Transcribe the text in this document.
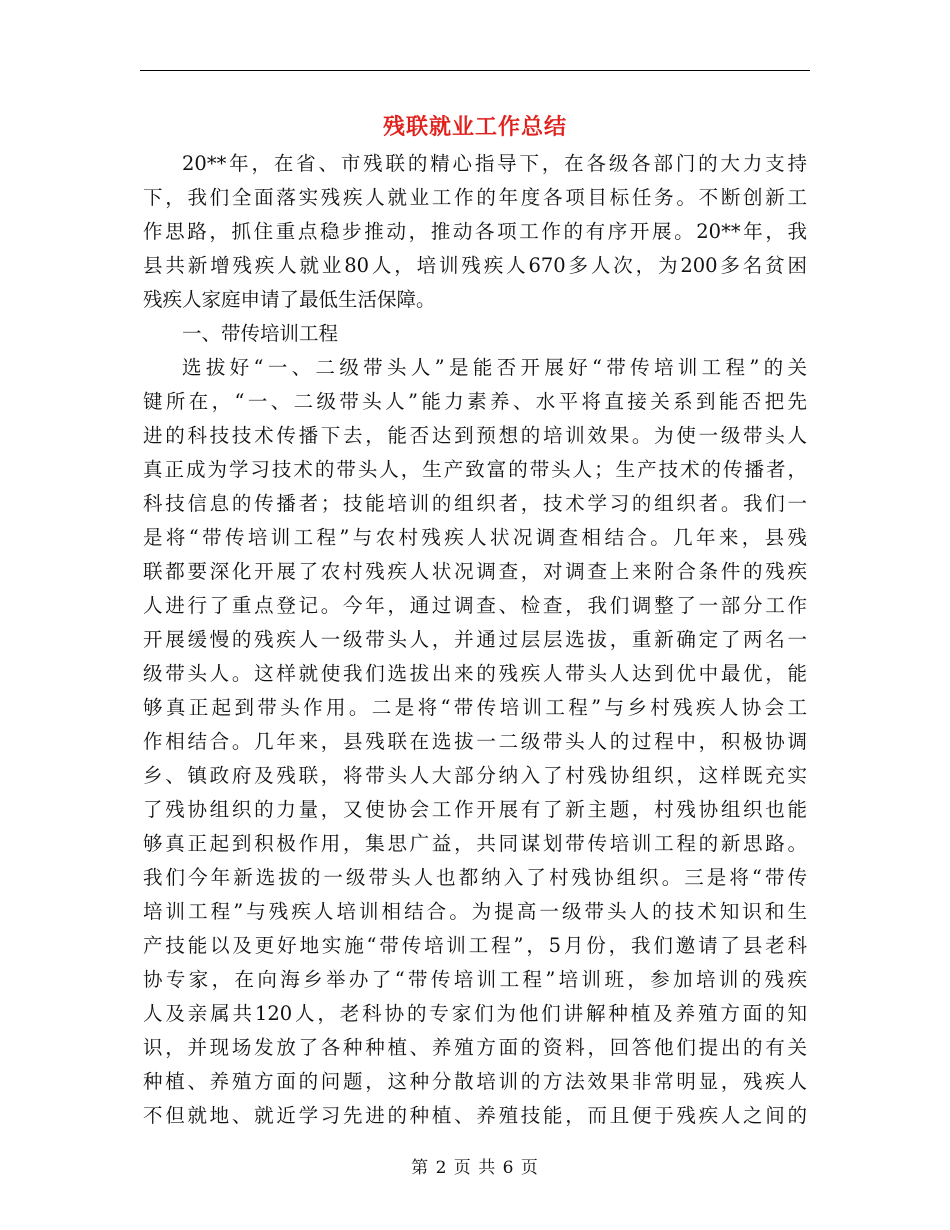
残联就业工作总结
20**年，在省、市残联的精心指导下，在各级各部门的大力支持
下，我们全面落实残疾人就业工作的年度各项目标任务。不断创新工
作思路，抓住重点稳步推动，推动各项工作的有序开展。20**年，我
县共新增残疾人就业80人，培训残疾人670多人次，为200多名贫困
残疾人家庭申请了最低生活保障。
一、带传培训工程
选拔好“一、二级带头人”是能否开展好“带传培训工程”的关
键所在，“一、二级带头人”能力素养、水平将直接关系到能否把先
进的科技技术传播下去，能否达到预想的培训效果。为使一级带头人
真正成为学习技术的带头人，生产致富的带头人；生产技术的传播者，
科技信息的传播者；技能培训的组织者，技术学习的组织者。我们一
是将“带传培训工程”与农村残疾人状况调查相结合。几年来，县残
联都要深化开展了农村残疾人状况调查，对调查上来附合条件的残疾
人进行了重点登记。今年，通过调查、检查，我们调整了一部分工作
开展缓慢的残疾人一级带头人，并通过层层选拔，重新确定了两名一
级带头人。这样就使我们选拔出来的残疾人带头人达到优中最优，能
够真正起到带头作用。二是将“带传培训工程”与乡村残疾人协会工
作相结合。几年来，县残联在选拔一二级带头人的过程中，积极协调
乡、镇政府及残联，将带头人大部分纳入了村残协组织，这样既充实
了残协组织的力量，又使协会工作开展有了新主题，村残协组织也能
够真正起到积极作用，集思广益，共同谋划带传培训工程的新思路。
我们今年新选拔的一级带头人也都纳入了村残协组织。三是将“带传
培训工程”与残疾人培训相结合。为提高一级带头人的技术知识和生
产技能以及更好地实施“带传培训工程”，5月份，我们邀请了县老科
协专家，在向海乡举办了“带传培训工程”培训班，参加培训的残疾
人及亲属共120人，老科协的专家们为他们讲解种植及养殖方面的知
识，并现场发放了各种种植、养殖方面的资料，回答他们提出的有关
种植、养殖方面的问题，这种分散培训的方法效果非常明显，残疾人
不但就地、就近学习先进的种植、养殖技能，而且便于残疾人之间的
第 2 页 共 6 页
